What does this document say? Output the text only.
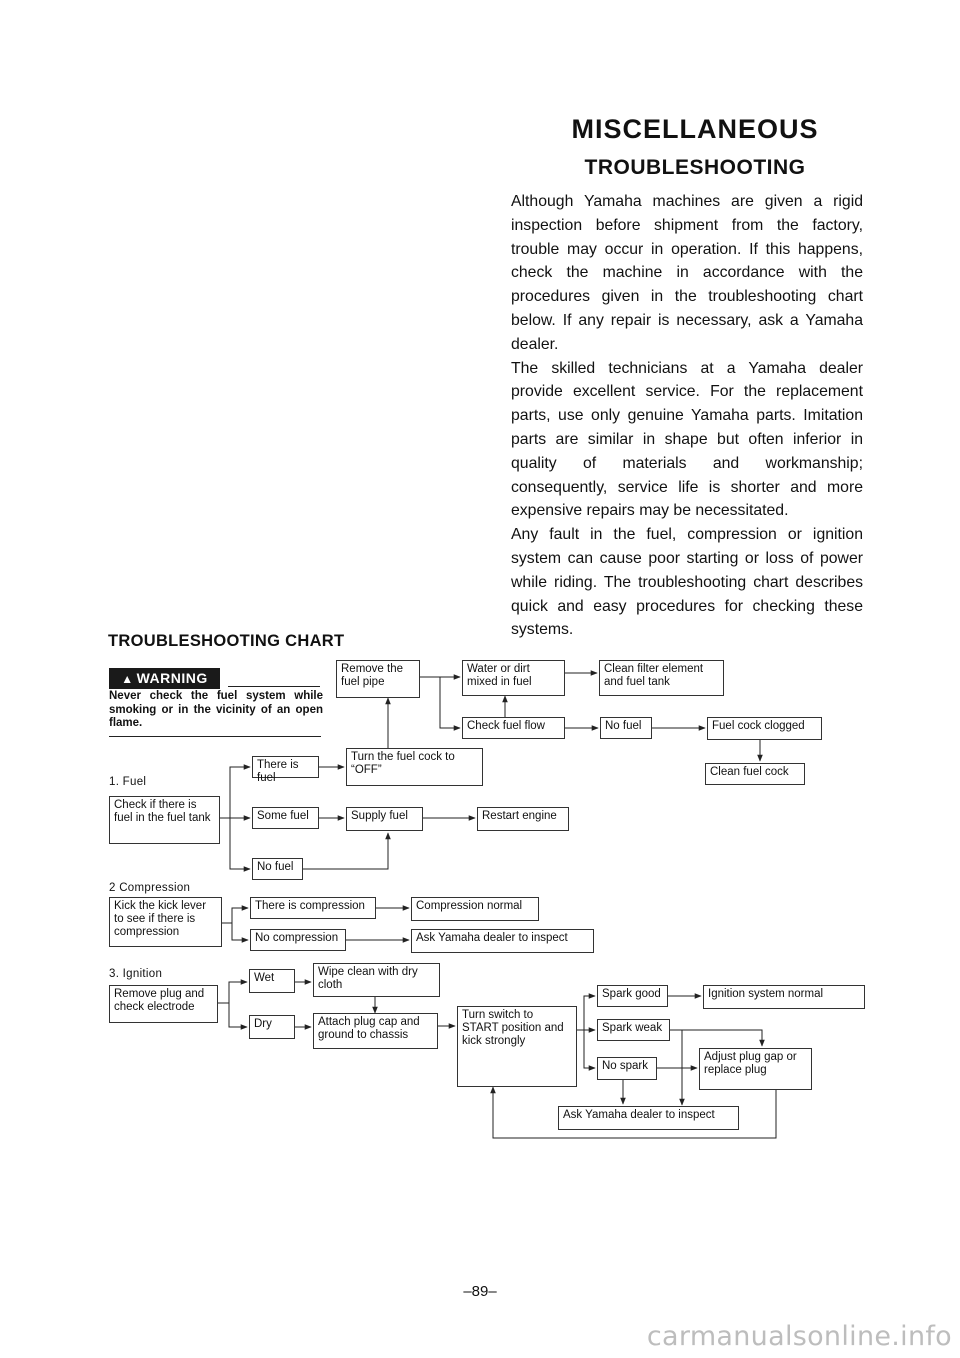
MISCELLANEOUS
TROUBLESHOOTING

Although Yamaha machines are given a rigid inspection before shipment from the factory, trouble may occur in operation. If this happens, check the machine in accordance with the procedures given in the troubleshooting chart below. If any repair is necessary, ask a Yamaha dealer.

The skilled technicians at a Yamaha dealer provide excellent service. For the replacement parts, use only genuine Yamaha parts. Imitation parts are similar in shape but often inferior in quality of materials and workmanship; consequently, service life is shorter and more expensive repairs may be necessitated.

Any fault in the fuel, compression or ignition system can cause poor starting or loss of power while riding. The troubleshooting chart describes quick and easy procedures for checking these systems.

TROUBLESHOOTING CHART
▲ WARNING
Never check the fuel system while smoking or in the vicinity of an open flame.
1. Fuel
2 Compression
3. Ignition
Remove the fuel pipe
Water or dirt mixed in fuel
Clean filter element and fuel tank
Check fuel flow	No fuel	Fuel cock clogged
Clean fuel cock
Check if there is fuel in the fuel tank
There is fuel
Turn the fuel cock to “OFF”
Some fuel	Supply fuel	Restart engine
No fuel
Kick the kick lever to see if there is compression
There is compression	Compression normal
No compression	Ask Yamaha dealer to inspect
Remove plug and check electrode
Wet	Wipe clean with dry cloth
Dry	Attach plug cap and ground to chassis
Turn switch to START position and kick strongly
Spark good	Ignition system normal
Spark weak
No spark
Adjust plug gap or replace plug
Ask Yamaha dealer to inspect
–89–
carmanualsonline.info
